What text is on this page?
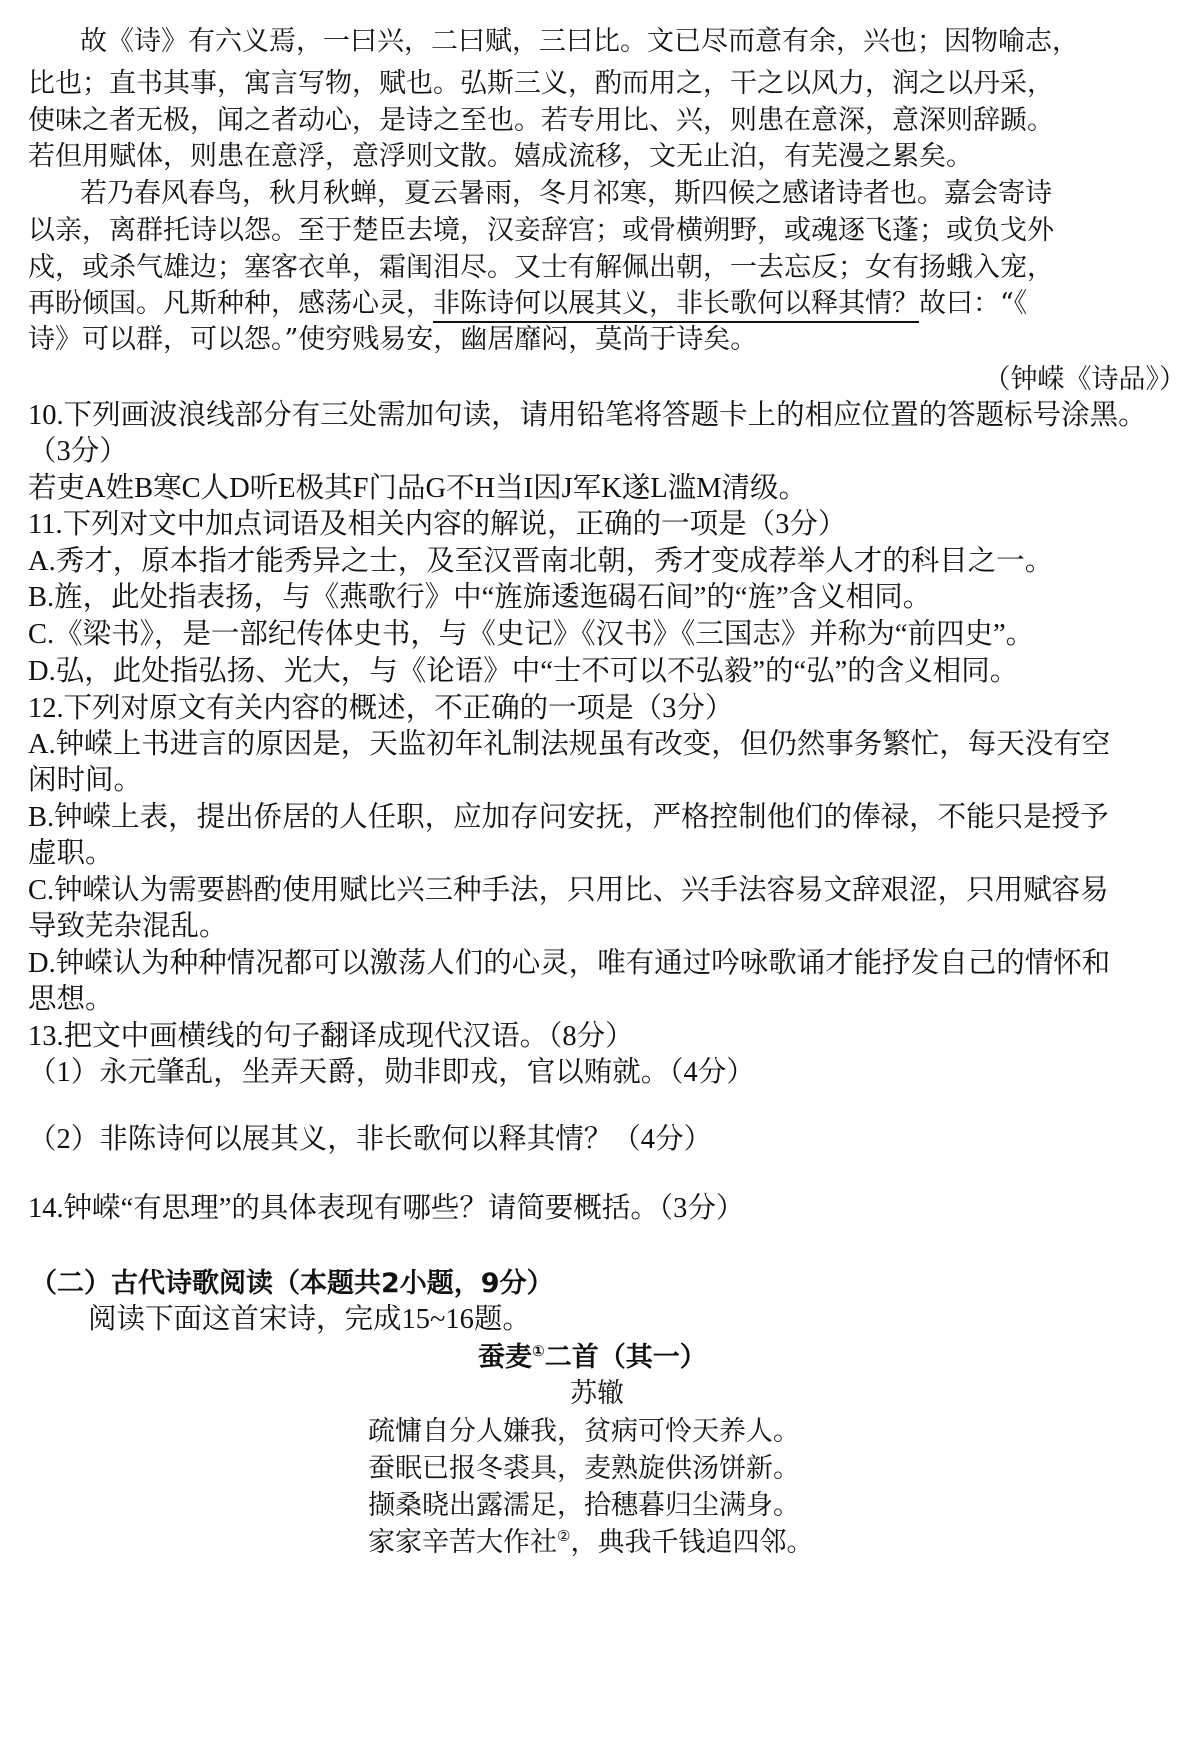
故《诗》有六义焉，一曰兴，二曰赋，三曰比。文已尽而意有余，兴也；因物喻志，
比也；直书其事，寓言写物，赋也。弘斯三义，酌而用之，干之以风力，润之以丹采，
使味之者无极，闻之者动心，是诗之至也。若专用比、兴，则患在意深，意深则辞踬。
若但用赋体，则患在意浮，意浮则文散。嬉成流移，文无止泊，有芜漫之累矣。
若乃春风春鸟，秋月秋蝉，夏云暑雨，冬月祁寒，斯四候之感诸诗者也。嘉会寄诗
以亲，离群托诗以怨。至于楚臣去境，汉妾辞宫；或骨横朔野，或魂逐飞蓬；或负戈外
戍，或杀气雄边；塞客衣单，霜闺泪尽。又士有解佩出朝，一去忘反；女有扬蛾入宠，
再盼倾国。凡斯种种，感荡心灵，非陈诗何以展其义，非长歌何以释其情？故曰：“《
诗》可以群，可以怨。”使穷贱易安，幽居靡闷，莫尚于诗矣。
（钟嵘《诗品》）
10.下列画波浪线部分有三处需加句读，请用铅笔将答题卡上的相应位置的答题标号涂黑。
（3分）
若吏A姓B寒C人D听E极其F门品G不H当I因J军K遂L滥M清级。
11.下列对文中加点词语及相关内容的解说，正确的一项是（3分）
A.秀才，原本指才能秀异之士，及至汉晋南北朝，秀才变成荐举人才的科目之一。
B.旌，此处指表扬，与《燕歌行》中“旌旆逶迤碣石间”的“旌”含义相同。
C.《梁书》，是一部纪传体史书，与《史记》《汉书》《三国志》并称为“前四史”。
D.弘，此处指弘扬、光大，与《论语》中“士不可以不弘毅”的“弘”的含义相同。
12.下列对原文有关内容的概述，不正确的一项是（3分）
A.钟嵘上书进言的原因是，天监初年礼制法规虽有改变，但仍然事务繁忙，每天没有空
闲时间。
B.钟嵘上表，提出侨居的人任职，应加存问安抚，严格控制他们的俸禄，不能只是授予
虚职。
C.钟嵘认为需要斟酌使用赋比兴三种手法，只用比、兴手法容易文辞艰涩，只用赋容易
导致芜杂混乱。
D.钟嵘认为种种情况都可以激荡人们的心灵，唯有通过吟咏歌诵才能抒发自己的情怀和
思想。
13.把文中画横线的句子翻译成现代汉语。（8分）
（1）永元肇乱，坐弄天爵，勋非即戎，官以贿就。（4分）
（2）非陈诗何以展其义，非长歌何以释其情？（4分）
14.钟嵘“有思理”的具体表现有哪些？请简要概括。（3分）
（二）古代诗歌阅读（本题共2小题，9分）
阅读下面这首宋诗，完成15~16题。
蚕麦①二首（其一）
苏辙
疏慵自分人嫌我，贫病可怜天养人。
蚕眠已报冬裘具，麦熟旋供汤饼新。
撷桑晓出露濡足，拾穗暮归尘满身。
家家辛苦大作社②，典我千钱追四邻。
